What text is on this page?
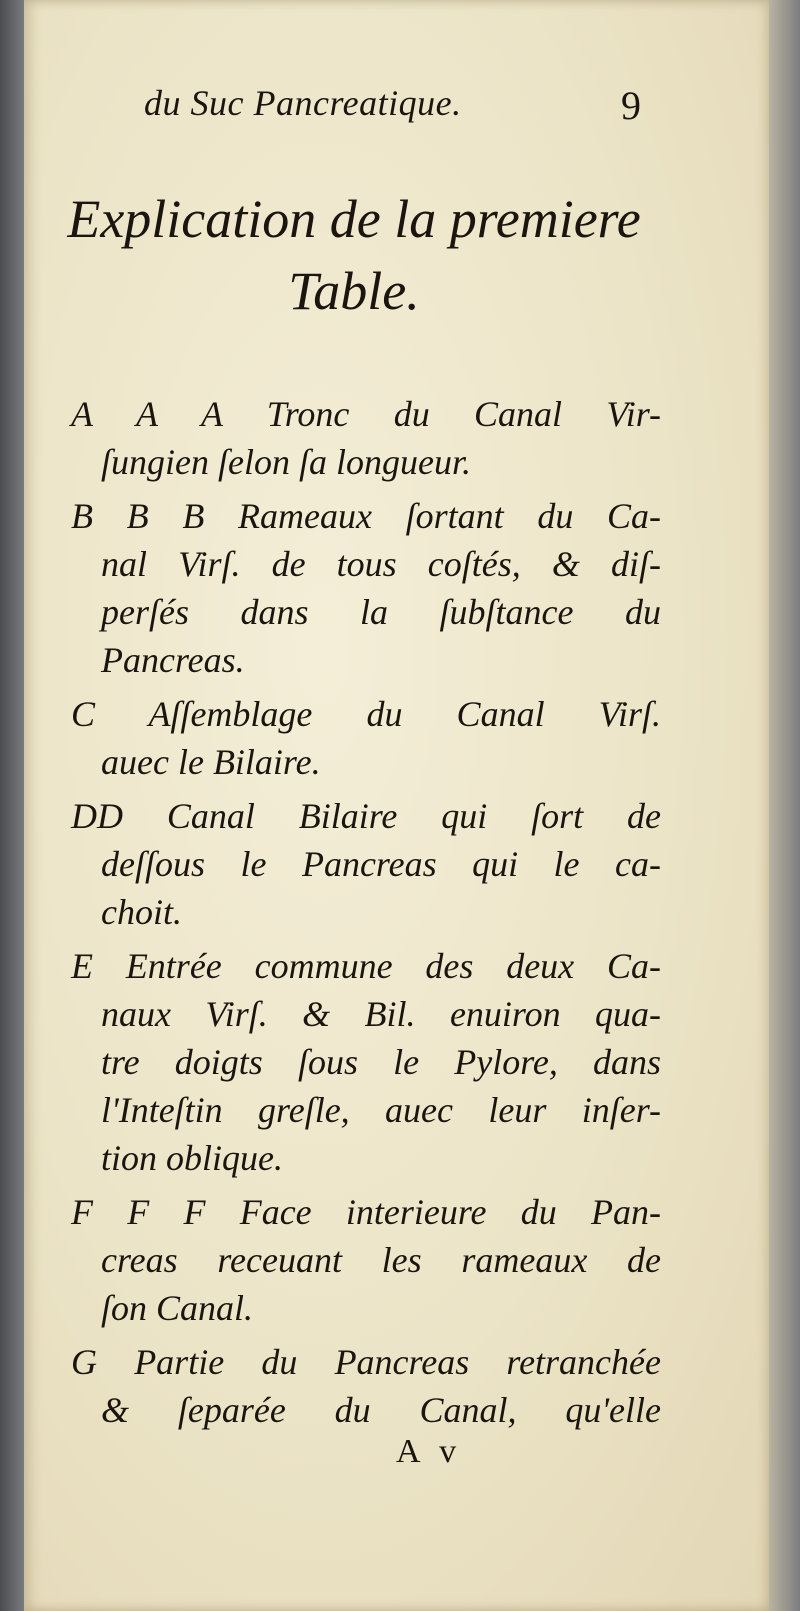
du Suc Pancreatique.	9
Explication de la premiere
Table.
A A A Tronc du Canal Vir-
ſungien ſelon ſa longueur.
B B B Rameaux ſortant du Ca-
nal Virſ. de tous coſtés, & diſ-
perſés dans la ſubſtance du
Pancreas.
C Aſſemblage du Canal Virſ.
auec le Bilaire.
DD Canal Bilaire qui ſort de
deſſous le Pancreas qui le ca-
choit.
E Entrée commune des deux Ca-
naux Virſ. & Bil. enuiron qua-
tre doigts ſous le Pylore, dans
l'Inteſtin greſle, auec leur inſer-
tion oblique.
F F F Face interieure du Pan-
creas receuant les rameaux de
ſon Canal.
G Partie du Pancreas retranchée
& ſeparée du Canal, qu'elle
A v
